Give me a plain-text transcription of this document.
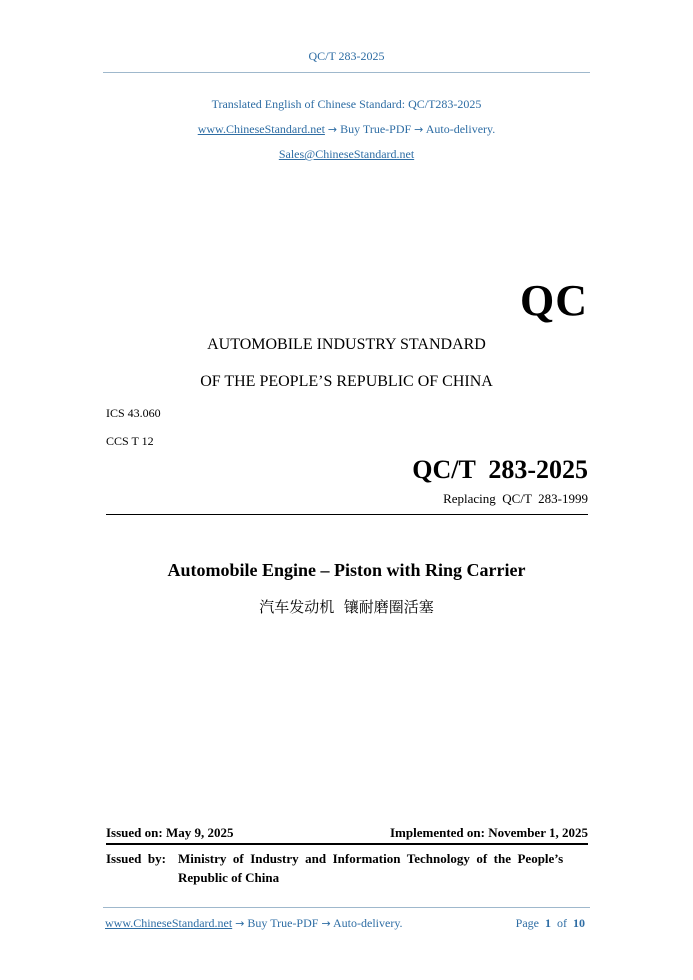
QC/T 283-2025
Translated English of Chinese Standard: QC/T283-2025
www.ChineseStandard.net → Buy True-PDF → Auto-delivery.
Sales@ChineseStandard.net
QC
AUTOMOBILE INDUSTRY STANDARD
OF THE PEOPLE’S REPUBLIC OF CHINA
ICS 43.060
CCS T 12
QC/T  283-2025
Replacing  QC/T  283-1999
Automobile Engine – Piston with Ring Carrier
汽车发动机  镶耐磨圈活塞
Issued on: May 9, 2025	Implemented on: November 1, 2025
Issued  by: Ministry  of  Industry  and  Information  Technology  of  the  People’s
Republic of China
www.ChineseStandard.net → Buy True-PDF → Auto-delivery.	Page 1 of 10
